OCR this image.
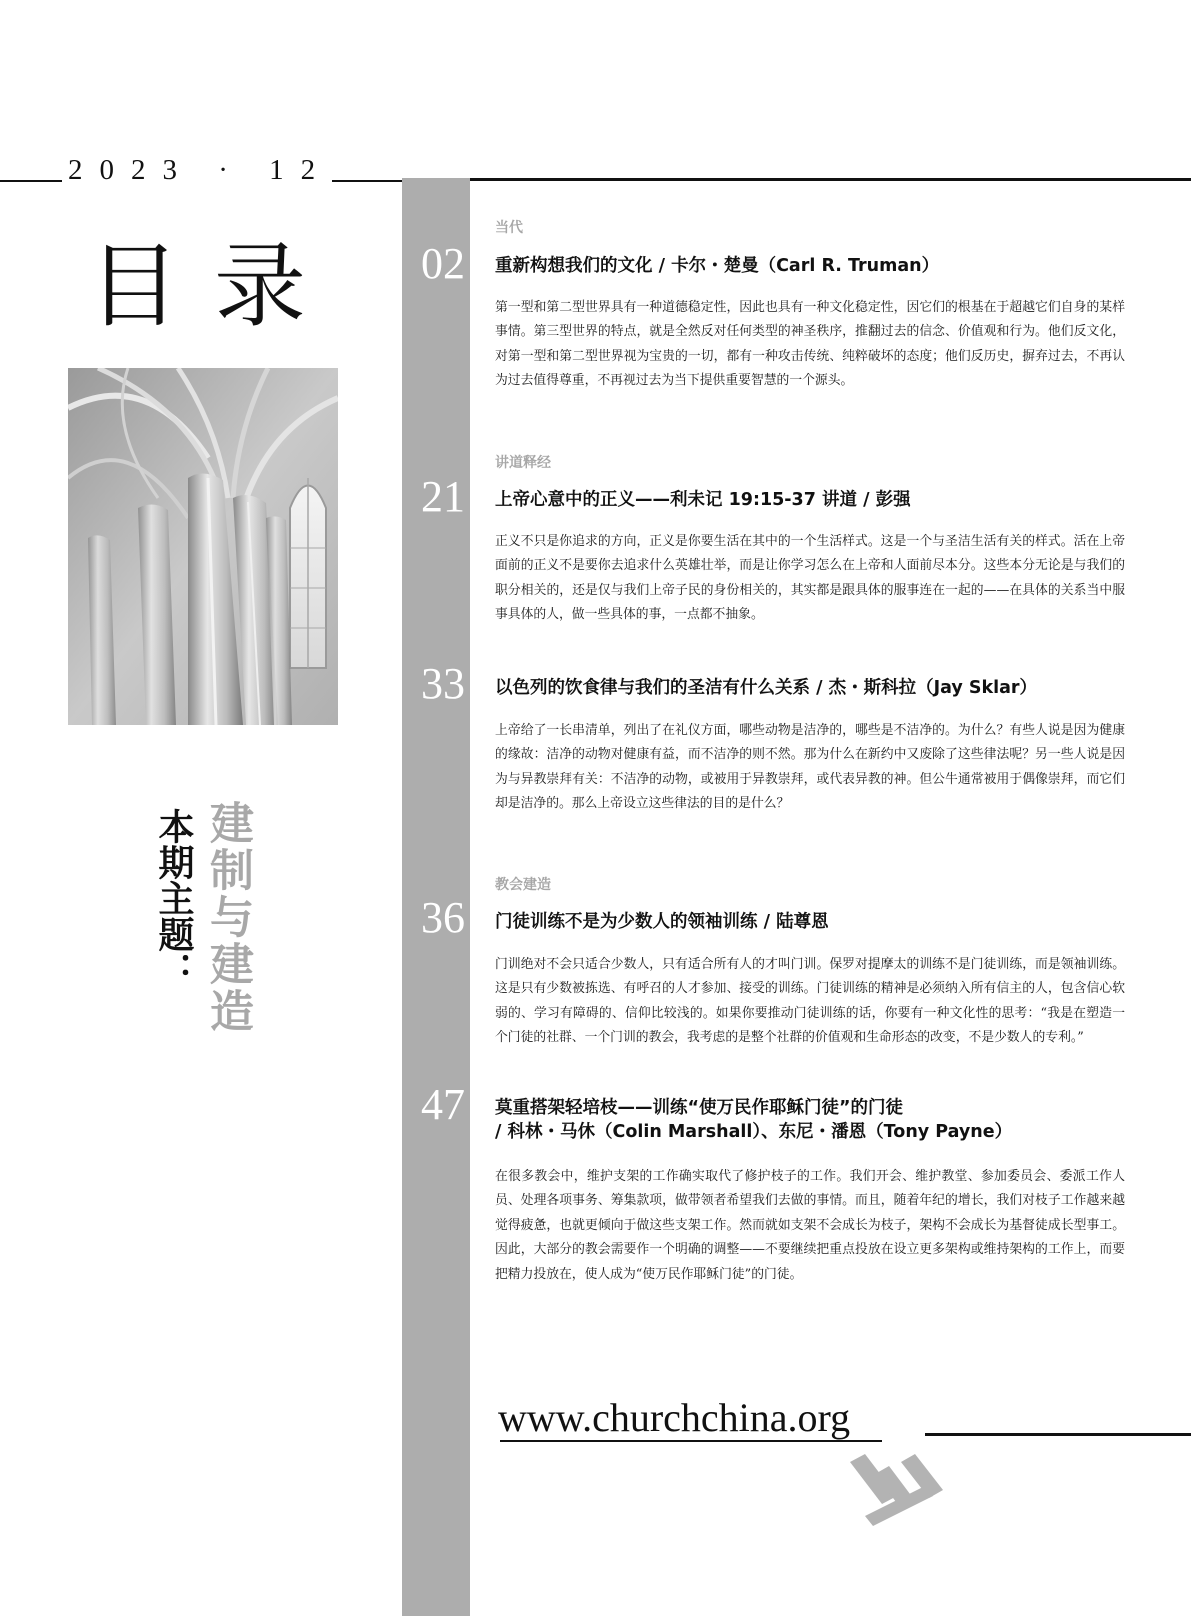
2023 · 12
目录
本期主题： 建制与建造
当代
02	重新构想我们的文化 / 卡尔・楚曼（Carl R. Truman）
第一型和第二型世界具有一种道德稳定性，因此也具有一种文化稳定性，因它们的根基在于超越它们自身的某样事情。第三型世界的特点，就是全然反对任何类型的神圣秩序，推翻过去的信念、价值观和行为。他们反文化，对第一型和第二型世界视为宝贵的一切，都有一种攻击传统、纯粹破坏的态度；他们反历史，摒弃过去，不再认为过去值得尊重，不再视过去为当下提供重要智慧的一个源头。
讲道释经
21	上帝心意中的正义——利未记 19:15-37 讲道 / 彭强
正义不只是你追求的方向，正义是你要生活在其中的一个生活样式。这是一个与圣洁生活有关的样式。活在上帝面前的正义不是要你去追求什么英雄壮举，而是让你学习怎么在上帝和人面前尽本分。这些本分无论是与我们的职分相关的，还是仅与我们上帝子民的身份相关的，其实都是跟具体的服事连在一起的——在具体的关系当中服事具体的人，做一些具体的事，一点都不抽象。
33	以色列的饮食律与我们的圣洁有什么关系 / 杰・斯科拉（Jay Sklar）
上帝给了一长串清单，列出了在礼仪方面，哪些动物是洁净的，哪些是不洁净的。为什么？有些人说是因为健康的缘故：洁净的动物对健康有益，而不洁净的则不然。那为什么在新约中又废除了这些律法呢？另一些人说是因为与异教崇拜有关：不洁净的动物，或被用于异教崇拜，或代表异教的神。但公牛通常被用于偶像崇拜，而它们却是洁净的。那么上帝设立这些律法的目的是什么？
教会建造
36	门徒训练不是为少数人的领袖训练 / 陆尊恩
门训绝对不会只适合少数人，只有适合所有人的才叫门训。保罗对提摩太的训练不是门徒训练，而是领袖训练。这是只有少数被拣选、有呼召的人才参加、接受的训练。门徒训练的精神是必须纳入所有信主的人，包含信心软弱的、学习有障碍的、信仰比较浅的。如果你要推动门徒训练的话，你要有一种文化性的思考：“我是在塑造一个门徒的社群、一个门训的教会，我考虑的是整个社群的价值观和生命形态的改变，不是少数人的专利。”
47	莫重搭架轻培枝——训练“使万民作耶稣门徒”的门徒
/ 科林・马休（Colin Marshall）、东尼・潘恩（Tony Payne）
在很多教会中，维护支架的工作确实取代了修护枝子的工作。我们开会、维护教堂、参加委员会、委派工作人员、处理各项事务、筹集款项，做带领者希望我们去做的事情。而且，随着年纪的增长，我们对枝子工作越来越觉得疲惫，也就更倾向于做这些支架工作。然而就如支架不会成长为枝子，架构不会成长为基督徒成长型事工。因此，大部分的教会需要作一个明确的调整——不要继续把重点投放在设立更多架构或维持架构的工作上，而要把精力投放在，使人成为“使万民作耶稣门徒”的门徒。
www.churchchina.org
